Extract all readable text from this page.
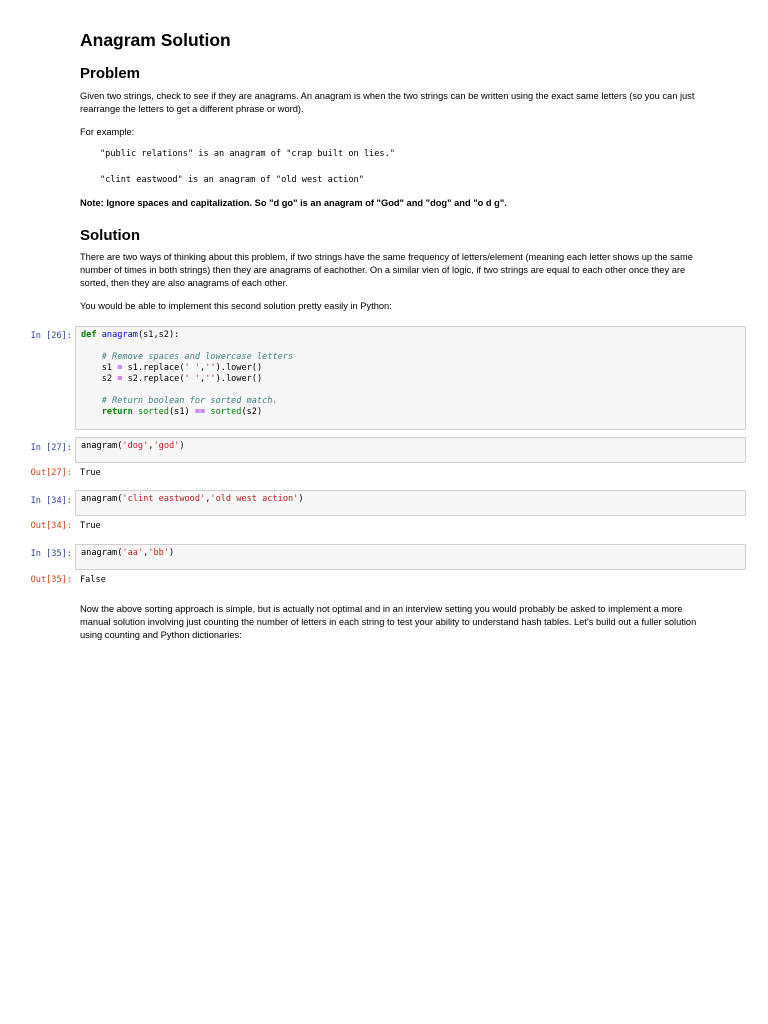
Anagram Solution
Problem

Given two strings, check to see if they are anagrams. An anagram is when the two strings can be written using the exact same letters (so you can just

rearrange the letters to get a different phrase or word).

For example:

"public relations" is an anagram of "crap built on lies."
"clint eastwood" is an anagram of "old west action"

Note: Ignore spaces and capitalization. So "d go" is an anagram of "God" and "dog" and "o d g".

Solution

There are two ways of thinking about this problem, if two strings have the same frequency of letters/element (meaning each letter shows up the same

number of times in both strings) then they are anagrams of eachother. On a similar vien of logic, if two strings are equal to each other once they are

sorted, then they are also anagrams of each other.

You would be able to implement this second solution pretty easily in Python:

In [26]: def anagram(s1,s2):

# Remove spaces and lowercase letters
s1 = s1.replace(' ','').lower()
s2 = s2.replace(' ','').lower()

# Return boolean for sorted match.
return sorted(s1) == sorted(s2)
In [27]: anagram('dog','god')
Out[27]: True
In [34]: anagram('clint eastwood','old west action')
Out[34]: True
In [35]: anagram('aa','bb')
Out[35]: False

Now the above sorting approach is simple, but is actually not optimal and in an interview setting you would probably be asked to implement a more

manual solution involving just counting the number of letters in each string to test your ability to understand hash tables. Let's build out a fuller solution

using counting and Python dictionaries:
